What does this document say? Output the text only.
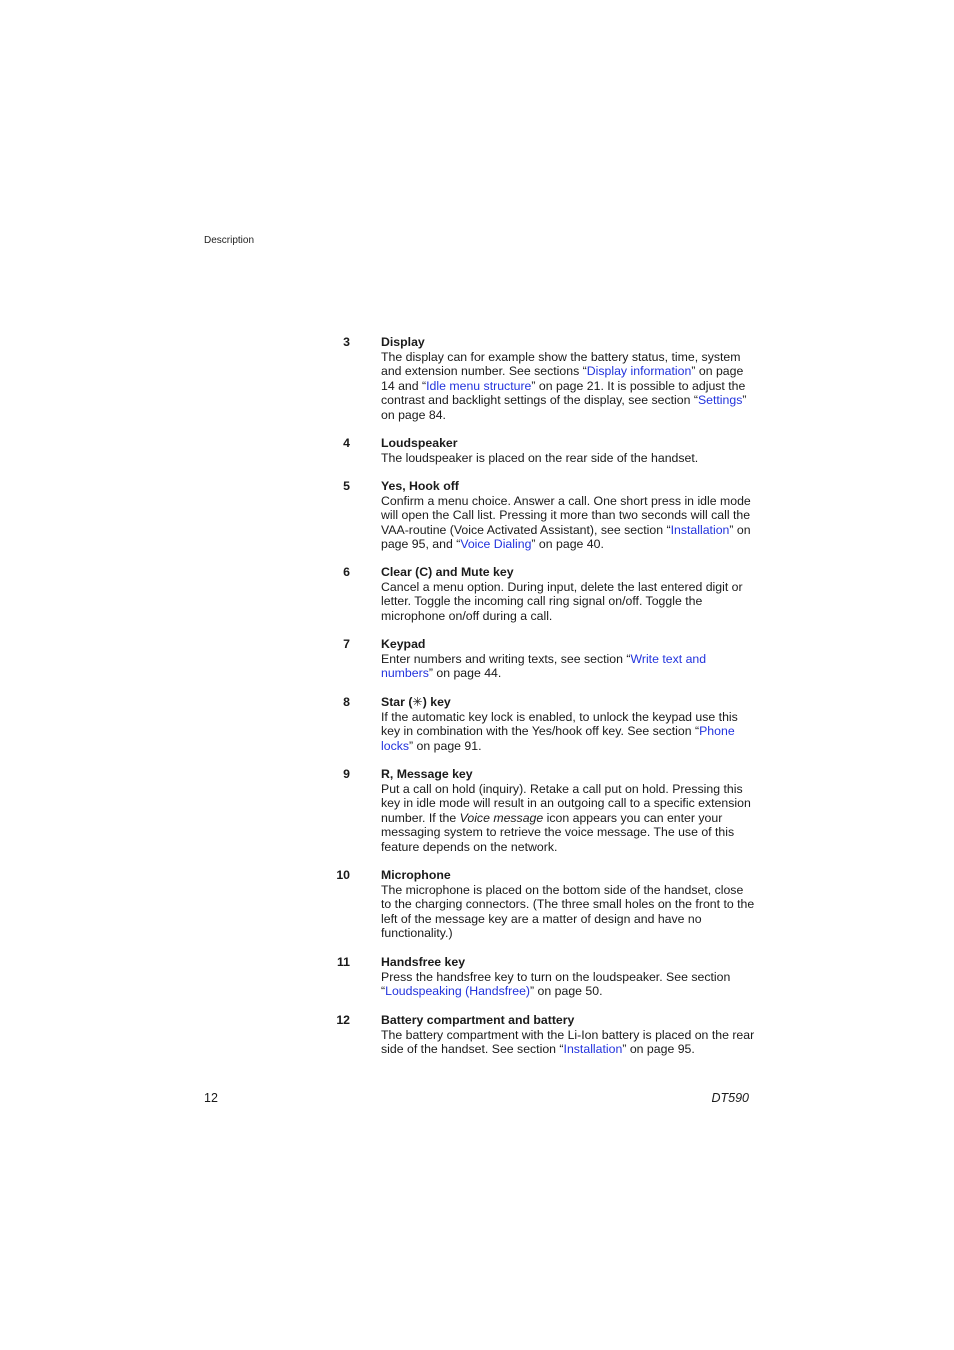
Description
3	Display
The display can for example show the battery status, time, system and extension number. See sections “Display information” on page 14 and “Idle menu structure” on page 21. It is possible to adjust the contrast and backlight settings of the display, see section “Settings” on page 84.
4	Loudspeaker
The loudspeaker is placed on the rear side of the handset.
5	Yes, Hook off
Confirm a menu choice. Answer a call. One short press in idle mode will open the Call list. Pressing it more than two seconds will call the VAA-routine (Voice Activated Assistant), see section “Installation” on page 95, and “Voice Dialing” on page 40.
6	Clear (C) and Mute key
Cancel a menu option. During input, delete the last entered digit or letter. Toggle the incoming call ring signal on/off. Toggle the microphone on/off during a call.
7	Keypad
Enter numbers and writing texts, see section “Write text and numbers” on page 44.
8	Star (✳) key
If the automatic key lock is enabled, to unlock the keypad use this key in combination with the Yes/hook off key. See section “Phone locks” on page 91.
9	R, Message key
Put a call on hold (inquiry). Retake a call put on hold. Pressing this key in idle mode will result in an outgoing call to a specific extension number. If the Voice message icon appears you can enter your messaging system to retrieve the voice message. The use of this feature depends on the network.
10	Microphone
The microphone is placed on the bottom side of the handset, close to the charging connectors. (The three small holes on the front to the left of the message key are a matter of design and have no functionality.)
11	Handsfree key
Press the handsfree key to turn on the loudspeaker. See section “Loudspeaking (Handsfree)” on page 50.
12	Battery compartment and battery
The battery compartment with the Li-Ion battery is placed on the rear side of the handset. See section “Installation” on page 95.
12	DT590
